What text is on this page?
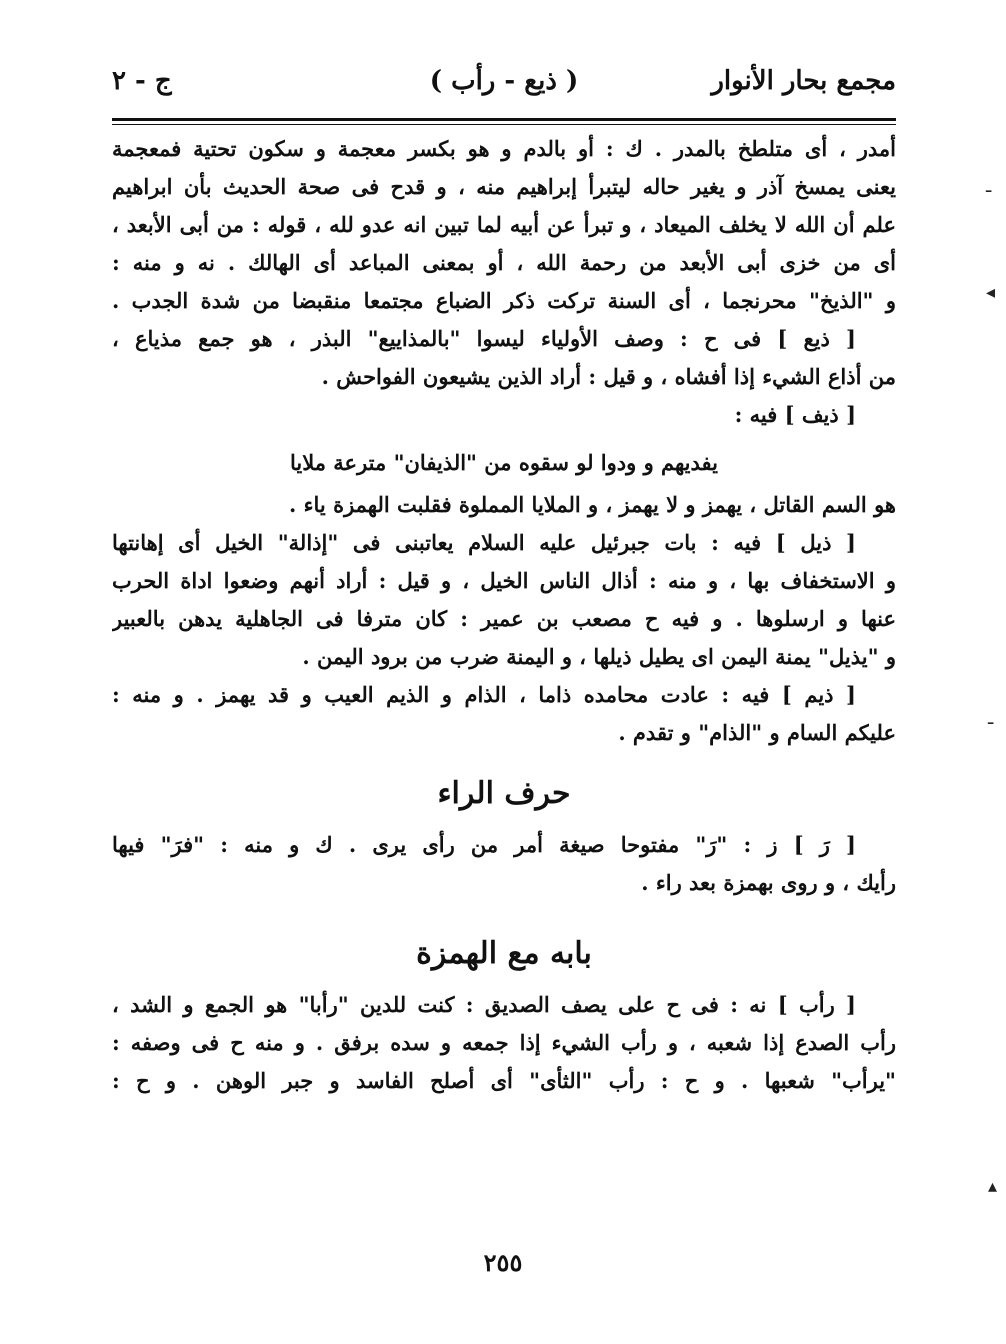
مجمع بحار الأنوار
( ذيع - رأب )
ج - ٢
أمدر ، أى متلطخ بالمدر . ك : أو بالدم و هو بكسر معجمة و سكون تحتية فمعجمة
يعنى يمسخ آذر و يغير حاله ليتبرأ إبراهيم منه ، و قدح فى صحة الحديث بأن ابراهيم
علم أن الله لا يخلف الميعاد ، و تبرأ عن أبيه لما تبين انه عدو لله ، قوله : من أبى الأبعد ،
أى من خزى أبى الأبعد من رحمة الله ، أو بمعنى المباعد أى الهالك . نه و منه :
و "الذيخ" محرنجما ، أى السنة تركت ذكر الضباع مجتمعا منقبضا من شدة الجدب .
[ ذيع ] فى ح : وصف الأولياء ليسوا "بالمذاييع" البذر ، هو جمع مذياع ،
من أذاع الشيء إذا أفشاه ، و قيل : أراد الذين يشيعون الفواحش .
[ ذيف ] فيه :
يفديهم و ودوا لو سقوه من "الذيفان" مترعة ملايا
هو السم القاتل ، يهمز و لا يهمز ، و الملايا المملوة فقلبت الهمزة ياء .
[ ذيل ] فيه : بات جبرئيل عليه السلام يعاتبنى فى "إذالة" الخيل أى إهانتها
و الاستخفاف بها ، و منه : أذال الناس الخيل ، و قيل : أراد أنهم وضعوا اداة الحرب
عنها و ارسلوها . و فيه ح مصعب بن عمير : كان مترفا فى الجاهلية يدهن بالعبير
و "يذيل" يمنة اليمن اى يطيل ذيلها ، و اليمنة ضرب من برود اليمن .
[ ذيم ] فيه : عادت محامده ذاما ، الذام و الذيم العيب و قد يهمز . و منه :
عليكم السام و "الذام" و تقدم .
حرف الراء
[ رَ ] ز : "رَ" مفتوحا صيغة أمر من رأى يرى . ك و منه : "فرَ" فيها
رأيك ، و روى بهمزة بعد راء .
بابه مع الهمزة
[ رأب ] نه : فى ح على يصف الصديق : كنت للدين "رأبا" هو الجمع و الشد ،
رأب الصدع إذا شعبه ، و رأب الشيء إذا جمعه و سده برفق . و منه ح فى وصفه :
"يرأب" شعبها . و ح : رأب "الثأى" أى أصلح الفاسد و جبر الوهن . و ح :
٢٥٥
ـ
◂
ـ
▴
